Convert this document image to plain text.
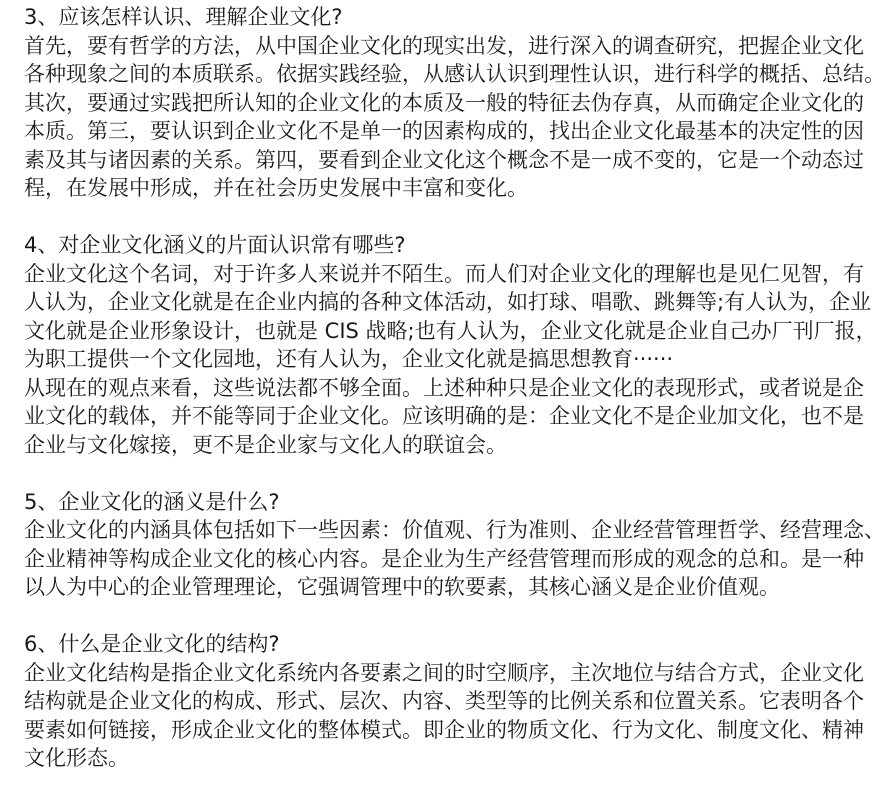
3、应该怎样认识、理解企业文化?
首先，要有哲学的方法，从中国企业文化的现实出发，进行深入的调查研究，把握企业文化
各种现象之间的本质联系。依据实践经验，从感认认识到理性认识，进行科学的概括、总结。
其次，要通过实践把所认知的企业文化的本质及一般的特征去伪存真，从而确定企业文化的
本质。第三，要认识到企业文化不是单一的因素构成的，找出企业文化最基本的决定性的因
素及其与诸因素的关系。第四，要看到企业文化这个概念不是一成不变的，它是一个动态过
程，在发展中形成，并在社会历史发展中丰富和变化。
4、对企业文化涵义的片面认识常有哪些?
企业文化这个名词，对于许多人来说并不陌生。而人们对企业文化的理解也是见仁见智，有
人认为，企业文化就是在企业内搞的各种文体活动，如打球、唱歌、跳舞等;有人认为，企业
文化就是企业形象设计，也就是 CIS 战略;也有人认为，企业文化就是企业自己办厂刊厂报，
为职工提供一个文化园地，还有人认为，企业文化就是搞思想教育······
从现在的观点来看，这些说法都不够全面。上述种种只是企业文化的表现形式，或者说是企
业文化的载体，并不能等同于企业文化。应该明确的是：企业文化不是企业加文化，也不是
企业与文化嫁接，更不是企业家与文化人的联谊会。
5、企业文化的涵义是什么?
企业文化的内涵具体包括如下一些因素：价值观、行为准则、企业经营管理哲学、经营理念、
企业精神等构成企业文化的核心内容。是企业为生产经营管理而形成的观念的总和。是一种
以人为中心的企业管理理论，它强调管理中的软要素，其核心涵义是企业价值观。
6、什么是企业文化的结构?
企业文化结构是指企业文化系统内各要素之间的时空顺序，主次地位与结合方式，企业文化
结构就是企业文化的构成、形式、层次、内容、类型等的比例关系和位置关系。它表明各个
要素如何链接，形成企业文化的整体模式。即企业的物质文化、行为文化、制度文化、精神
文化形态。
